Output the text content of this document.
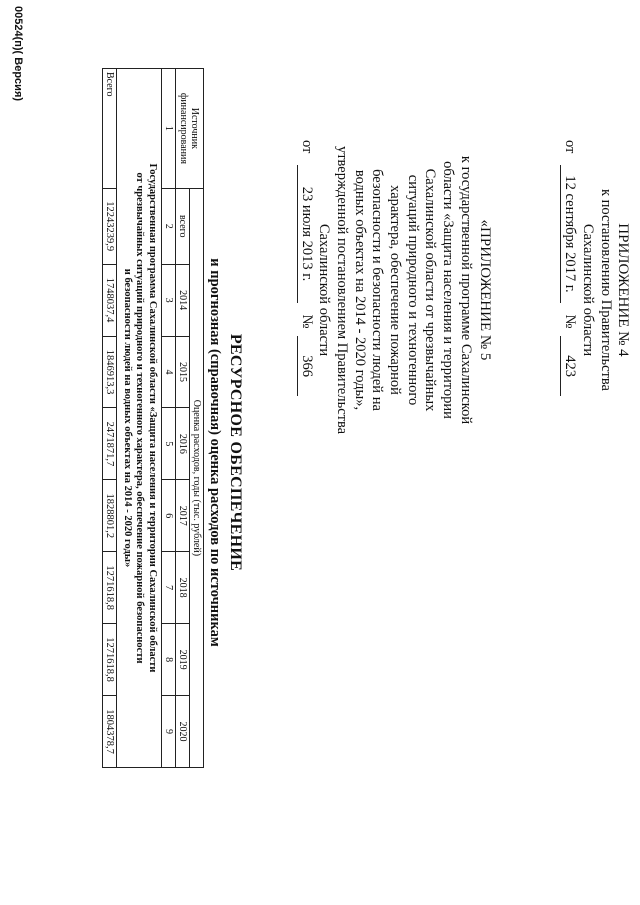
ПРИЛОЖЕНИЕ № 4
к постановлению Правительства
Сахалинской области
от 12 сентября 2017 г. № 423
«ПРИЛОЖЕНИЕ № 5
к государственной программе Сахалинской
области «Защита населения и территории
Сахалинской области от чрезвычайных
ситуаций природного и техногенного
характера, обеспечение пожарной
безопасности и безопасности людей на
водных объектах на 2014 - 2020 годы»,
утвержденной постановлением Правительства
Сахалинской области
от 23 июля 2013 г. № 366
РЕСУРСНОЕ ОБЕСПЕЧЕНИЕ
и прогнозная (справочная) оценка расходов по источникам
Источник финансирования	Оценка расходов, годы (тыс. рублей)							
	всего	2014	2015	2016	2017	2018	2019	2020
1	2	3	4	5	6	7	8	9

Государственная программа Сахалинской области «Защита населения и территории Сахалинской области
от чрезвычайных ситуаций природного и техногенного характера, обеспечение пожарной безопасности
и безопасности людей на водных объектах на 2014 - 2020 годы»								

Всего	12243239,9	1748037,4	1846913,3	2471871,7	1828801,2	1271618,8	1271618,8	1804378,7
00524(п)( Версия)
